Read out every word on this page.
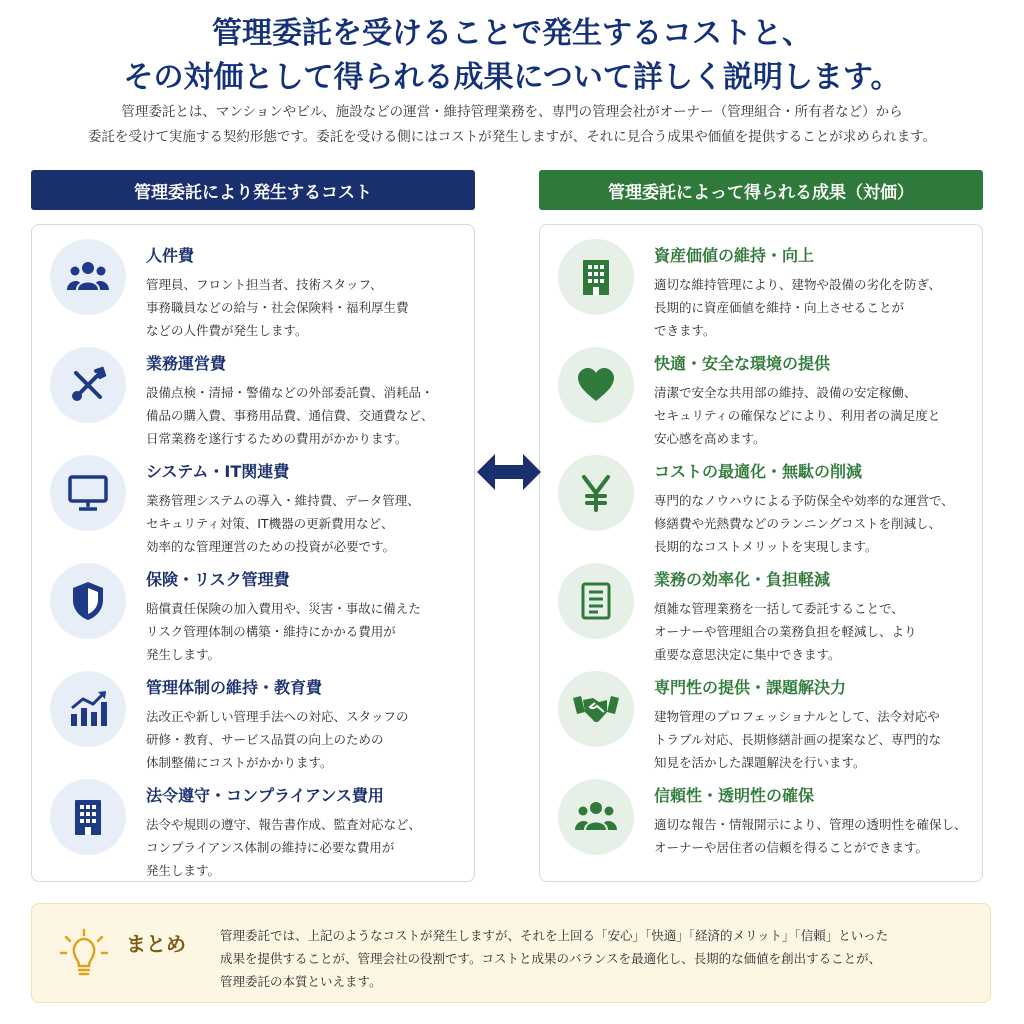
管理委託を受けることで発生するコストと、
その対価として得られる成果について詳しく説明します。
管理委託とは、マンションやビル、施設などの運営・維持管理業務を、専門の管理会社がオーナー（管理組合・所有者など）から
委託を受けて実施する契約形態です。委託を受ける側にはコストが発生しますが、それに見合う成果や価値を提供することが求められます。
管理委託により発生するコスト	管理委託によって得られる成果（対価）
人件費
管理員、フロント担当者、技術スタッフ、
事務職員などの給与・社会保険料・福利厚生費
などの人件費が発生します。
業務運営費
設備点検・清掃・警備などの外部委託費、消耗品・
備品の購入費、事務用品費、通信費、交通費など、
日常業務を遂行するための費用がかかります。
システム・IT関連費
業務管理システムの導入・維持費、データ管理、
セキュリティ対策、IT機器の更新費用など、
効率的な管理運営のための投資が必要です。
保険・リスク管理費
賠償責任保険の加入費用や、災害・事故に備えた
リスク管理体制の構築・維持にかかる費用が
発生します。
管理体制の維持・教育費
法改正や新しい管理手法への対応、スタッフの
研修・教育、サービス品質の向上のための
体制整備にコストがかかります。
法令遵守・コンプライアンス費用
法令や規則の遵守、報告書作成、監査対応など、
コンプライアンス体制の維持に必要な費用が
発生します。
資産価値の維持・向上
適切な維持管理により、建物や設備の劣化を防ぎ、
長期的に資産価値を維持・向上させることが
できます。
快適・安全な環境の提供
清潔で安全な共用部の維持、設備の安定稼働、
セキュリティの確保などにより、利用者の満足度と
安心感を高めます。
コストの最適化・無駄の削減
専門的なノウハウによる予防保全や効率的な運営で、
修繕費や光熱費などのランニングコストを削減し、
長期的なコストメリットを実現します。
業務の効率化・負担軽減
煩雑な管理業務を一括して委託することで、
オーナーや管理組合の業務負担を軽減し、より
重要な意思決定に集中できます。
専門性の提供・課題解決力
建物管理のプロフェッショナルとして、法令対応や
トラブル対応、長期修繕計画の提案など、専門的な
知見を活かした課題解決を行います。
信頼性・透明性の確保
適切な報告・情報開示により、管理の透明性を確保し、
オーナーや居住者の信頼を得ることができます。
まとめ	管理委託では、上記のようなコストが発生しますが、それを上回る「安心」「快適」「経済的メリット」「信頼」といった
成果を提供することが、管理会社の役割です。コストと成果のバランスを最適化し、長期的な価値を創出することが、
管理委託の本質といえます。
